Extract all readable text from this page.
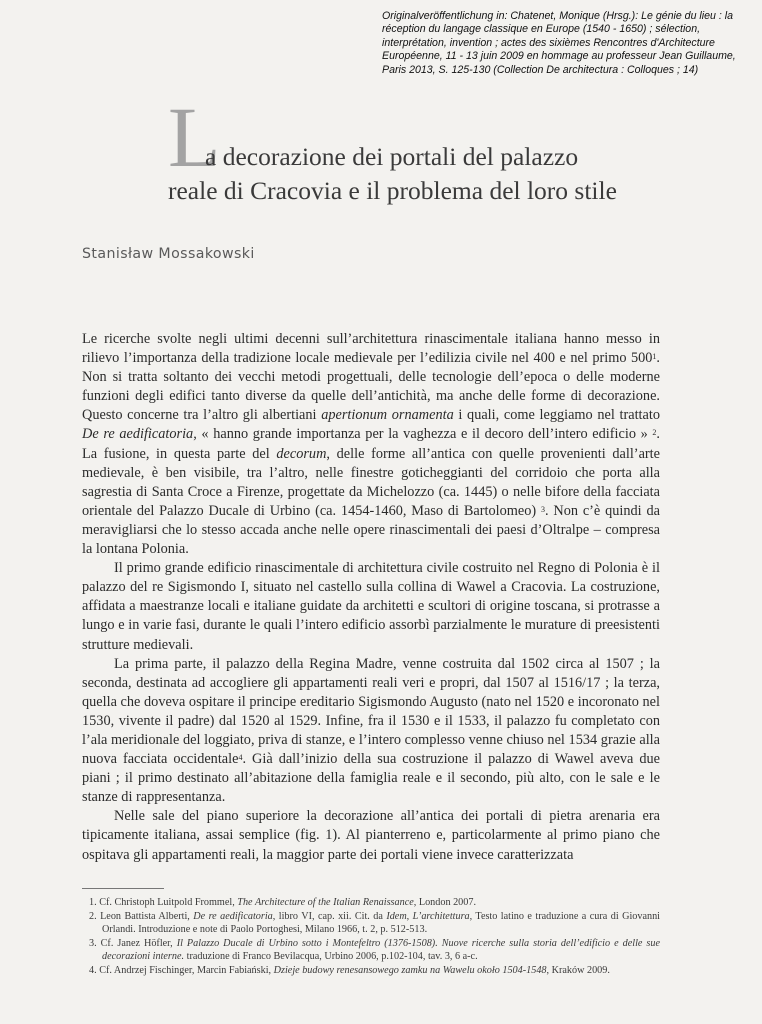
Originalveröffentlichung in: Chatenet, Monique (Hrsg.): Le génie du lieu : la réception du langage classique en Europe (1540 - 1650) ; sélection, interprétation, invention ; actes des sixièmes Rencontres d'Architecture Européenne, 11 - 13 juin 2009 en hommage au professeur Jean Guillaume, Paris 2013, S. 125-130 (Collection De architectura : Colloques ; 14)
L
a decorazione dei portali del palazzo
reale di Cracovia e il problema del loro stile
Stanisław Mossakowski

Le ricerche svolte negli ultimi decenni sull’architettura rinascimentale italiana hanno messo in rilievo l’importanza della tradizione locale medievale per l’edilizia civile nel 400 e nel primo $500^1$. Non si tratta soltanto dei vecchi metodi progettuali, delle tecnologie dell’epoca o delle moderne funzioni degli edifici tanto diverse da quelle dell’antichità, ma anche delle forme di decorazione. Questo concerne tra l’altro gli albertiani apertionum ornamenta i quali, come leggiamo nel trattato De re aedificatoria, « hanno grande importanza per la vaghezza e il decoro dell’intero edificio » $^2$. La fusione, in questa parte del decorum, delle forme all’antica con quelle provenienti dall’arte medievale, è ben visibile, tra l’altro, nelle finestre goticheggianti del corridoio che porta alla sagrestia di Santa Croce a Firenze, progettate da Michelozzo (ca. 1445) o nelle bifore della facciata orientale del Palazzo Ducale di Urbino (ca. 1454-1460, Maso di Bartolomeo) $^3$. Non c’è quindi da meravigliarsi che lo stesso accada anche nelle opere rinascimentali dei paesi d’Oltralpe – compresa la lontana Polonia.

Il primo grande edificio rinascimentale di architettura civile costruito nel Regno di Polonia è il palazzo del re Sigismondo I, situato nel castello sulla collina di Wawel a Cracovia. La costruzione, affidata a maestranze locali e italiane guidate da architetti e scultori di origine toscana, si protrasse a lungo e in varie fasi, durante le quali l’intero edificio assorbì parzialmente le murature di preesistenti strutture medievali.

La prima parte, il palazzo della Regina Madre, venne costruita dal 1502 circa al 1507 ; la seconda, destinata ad accogliere gli appartamenti reali veri e propri, dal 1507 al 1516/17 ; la terza, quella che doveva ospitare il principe ereditario Sigismondo Augusto (nato nel 1520 e incoronato nel 1530, vivente il padre) dal 1520 al 1529. Infine, fra il 1530 e il 1533, il palazzo fu completato con l’ala meridionale del loggiato, priva di stanze, e l’intero complesso venne chiuso nel 1534 grazie alla nuova facciata occidentale$^4$. Già dall’inizio della sua costruzione il palazzo di Wawel aveva due piani ; il primo destinato all’abitazione della famiglia reale e il secondo, più alto, con le sale e le stanze di rappresentanza.

Nelle sale del piano superiore la decorazione all’antica dei portali di pietra arenaria era tipicamente italiana, assai semplice (fig. 1). Al pianterreno e, particolarmente al primo piano che ospitava gli appartamenti reali, la maggior parte dei portali viene invece caratterizzata

1. Cf. Christoph Luitpold Frommel, The Architecture of the Italian Renaissance, London 2007.

2. Leon Battista Alberti, De re aedificatoria, libro VI, cap. xii. Cit. da Idem, L’architettura, Testo latino e traduzione a cura di Giovanni Orlandi. Introduzione e note di Paolo Portoghesi, Milano 1966, t. 2, p. 512-513.

3. Cf. Janez Höfler, Il Palazzo Ducale di Urbino sotto i Montefeltro (1376-1508). Nuove ricerche sulla storia dell’edificio e delle sue decorazioni interne. traduzione di Franco Bevilacqua, Urbino 2006, p.102-104, tav. 3, 6 a-c.

4. Cf. Andrzej Fischinger, Marcin Fabiański, Dzieje budowy renesansowego zamku na Wawelu około 1504-1548, Kraków 2009.
